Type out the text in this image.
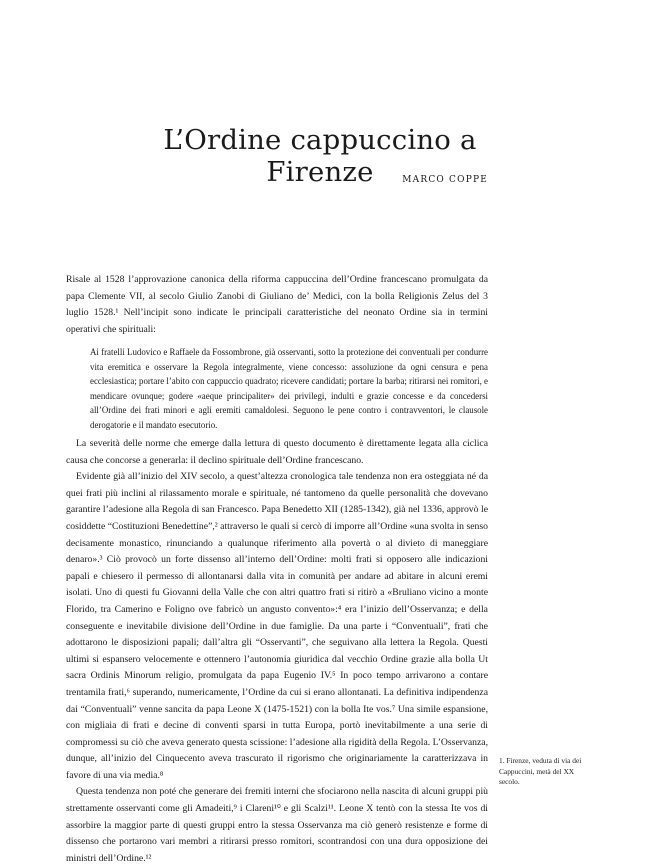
L’Ordine cappuccino a Firenze	MARCO COPPE

Risale al 1528 l’approvazione canonica della riforma cappuccina dell’Ordine francescano promulgata da papa Clemente VII, al secolo Giulio Zanobi di Giuliano de’ Medici, con la bolla Religionis Zelus del 3 luglio 1528.¹ Nell’incipit sono indicate le principali caratteristiche del neonato Ordine sia in termini operativi che spirituali:

Ai fratelli Ludovico e Raffaele da Fossombrone, già osservanti, sotto la protezione dei conventuali per condurre vita eremitica e osservare la Regola integralmente, viene concesso: assoluzione da ogni censura e pena ecclesiastica; portare l’abito con cappuccio quadrato; ricevere candidati; portare la barba; ritirarsi nei romitori, e mendicare ovunque; godere «aeque principaliter» dei privilegi, indulti e grazie concesse e da concedersi all’Ordine dei frati minori e agli eremiti camaldolesi. Seguono le pene contro i contravventori, le clausole derogatorie e il mandato esecutorio.

La severità delle norme che emerge dalla lettura di questo documento è direttamente legata alla ciclica causa che concorse a generarla: il declino spirituale dell’Ordine francescano.

Evidente già all’inizio del XIV secolo, a quest’altezza cronologica tale tendenza non era osteggiata né da quei frati più inclini al rilassamento morale e spirituale, né tantomeno da quelle personalità che dovevano garantire l’adesione alla Regola di san Francesco. Papa Benedetto XII (1285-1342), già nel 1336, approvò le cosiddette “Costituzioni Benedettine”,² attraverso le quali si cercò di imporre all’Ordine «una svolta in senso decisamente monastico, rinunciando a qualunque riferimento alla povertà o al divieto di maneggiare denaro».³ Ciò provocò un forte dissenso all’interno dell’Ordine: molti frati si opposero alle indicazioni papali e chiesero il permesso di allontanarsi dalla vita in comunità per andare ad abitare in alcuni eremi isolati. Uno di questi fu Giovanni della Valle che con altri quattro frati si ritirò a «Bruliano vicino a monte Florido, tra Camerino e Foligno ove fabricò un angusto convento»:⁴ era l’inizio dell’Osservanza; e della conseguente e inevitabile divisione dell’Ordine in due famiglie. Da una parte i “Conventuali”, frati che adottarono le disposizioni papali; dall’altra gli “Osservanti”, che seguivano alla lettera la Regola. Questi ultimi si espansero velocemente e ottennero l’autonomia giuridica dal vecchio Ordine grazie alla bolla Ut sacra Ordinis Minorum religio, promulgata da papa Eugenio IV.⁵ In poco tempo arrivarono a contare trentamila frati,⁶ superando, numericamente, l’Ordine da cui si erano allontanati. La definitiva indipendenza dai “Conventuali” venne sancita da papa Leone X (1475-1521) con la bolla Ite vos.⁷ Una simile espansione, con migliaia di frati e decine di conventi sparsi in tutta Europa, portò inevitabilmente a una serie di compromessi su ciò che aveva generato questa scissione: l’adesione alla rigidità della Regola. L’Osservanza, dunque, all’inizio del Cinquecento aveva trascurato il rigorismo che originariamente la caratterizzava in favore di una via media.⁸

Questa tendenza non poté che generare dei fremiti interni che sfociarono nella nascita di alcuni gruppi più strettamente osservanti come gli Amadeiti,⁹ i Clareni¹⁰ e gli Scalzi¹¹. Leone X tentò con la stessa Ite vos di assorbire la maggior parte di questi gruppi entro la stessa Osservanza ma ciò generò resistenze e forme di dissenso che portarono vari membri a ritirarsi presso romitori, scontrandosi con una dura opposizione dei ministri dell’Ordine.¹²

1. Firenze, veduta di via dei Cappuccini, metà del XX secolo.
